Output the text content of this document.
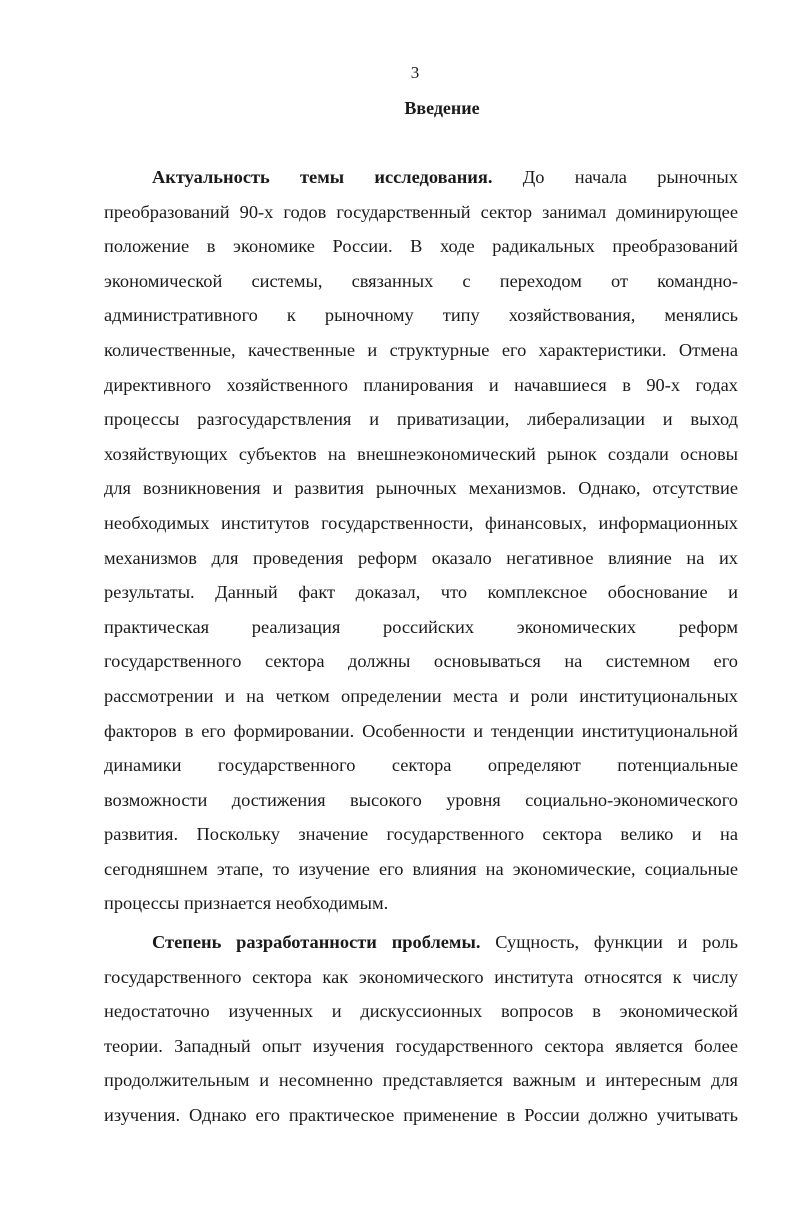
3
Введение
Актуальность темы исследования. До начала рыночных
преобразований 90-х годов государственный сектор занимал доминирующее
положение в экономике России. В ходе радикальных преобразований
экономической системы, связанных с переходом от командно-
административного к рыночному типу хозяйствования, менялись
количественные, качественные и структурные его характеристики. Отмена
директивного хозяйственного планирования и начавшиеся в 90-х годах
процессы разгосударствления и приватизации, либерализации и выход
хозяйствующих субъектов на внешнеэкономический рынок создали основы
для возникновения и развития рыночных механизмов. Однако, отсутствие
необходимых институтов государственности, финансовых, информационных
механизмов для проведения реформ оказало негативное влияние на их
результаты. Данный факт доказал, что комплексное обоснование и
практическая реализация российских экономических реформ
государственного сектора должны основываться на системном его
рассмотрении и на четком определении места и роли институциональных
факторов в его формировании. Особенности и тенденции институциональной
динамики государственного сектора определяют потенциальные
возможности достижения высокого уровня социально-экономического
развития. Поскольку значение государственного сектора велико и на
сегодняшнем этапе, то изучение его влияния на экономические, социальные
процессы признается необходимым.
Степень разработанности проблемы. Сущность, функции и роль
государственного сектора как экономического института относятся к числу
недостаточно изученных и дискуссионных вопросов в экономической
теории. Западный опыт изучения государственного сектора является более
продолжительным и несомненно представляется важным и интересным для
изучения. Однако его практическое применение в России должно учитывать
